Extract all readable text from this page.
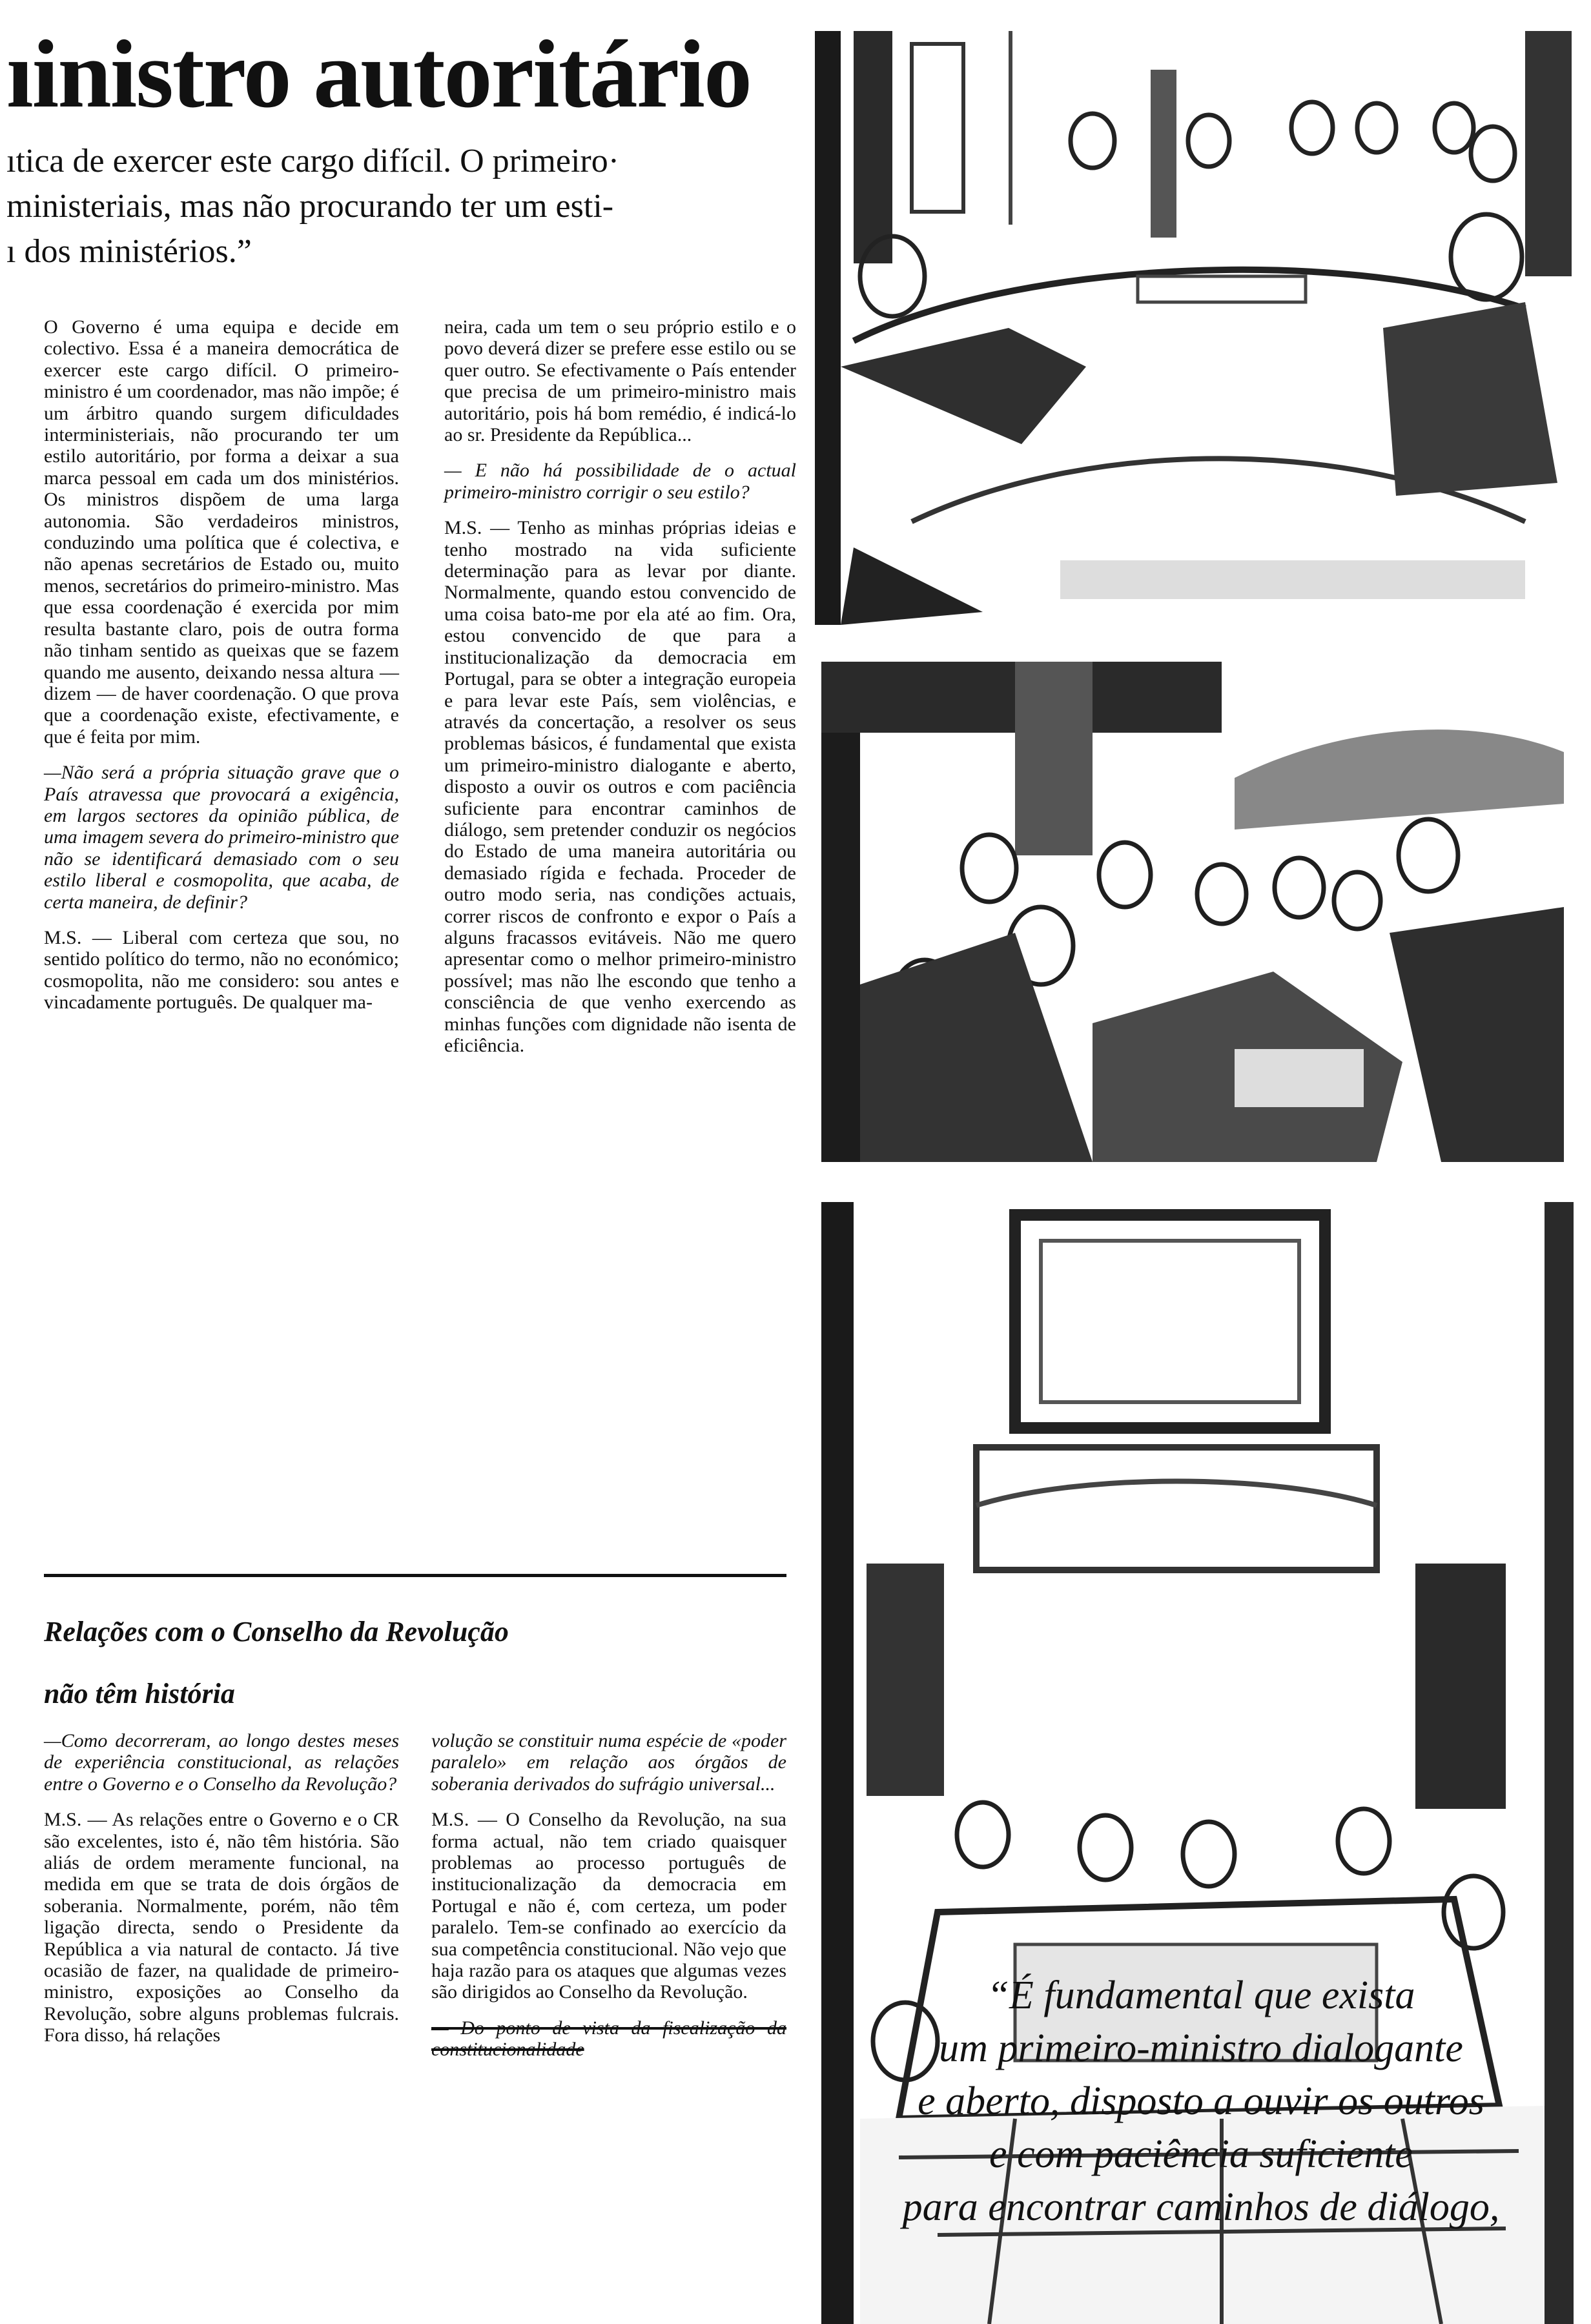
ıinistro autoritário
ıtica de exercer este cargo difícil. O primeiro·
ministeriais, mas não procurando ter um esti-
ı dos ministérios.”

O Governo é uma equipa e decide em colectivo. Essa é a maneira democrática de exercer este cargo difícil. O primeiro-ministro é um coordenador, mas não impõe; é um árbitro quando surgem dificuldades interministeriais, não procurando ter um estilo autoritário, por forma a deixar a sua marca pessoal em cada um dos ministérios. Os ministros dispõem de uma larga autonomia. São verdadeiros ministros, conduzindo uma política que é colectiva, e não apenas secretários de Estado ou, muito menos, secretários do primeiro-ministro. Mas que essa coordenação é exercida por mim resulta bastante claro, pois de outra forma não tinham sentido as queixas que se fazem quando me ausento, deixando nessa altura — dizem — de haver coordenação. O que prova que a coordenação existe, efectivamente, e que é feita por mim.

—Não será a própria situação grave que o País atravessa que provocará a exigência, em largos sectores da opinião pública, de uma imagem severa do primeiro-ministro que não se identificará demasiado com o seu estilo liberal e cosmopolita, que acaba, de certa maneira, de definir?

M.S. — Liberal com certeza que sou, no sentido político do termo, não no económico; cosmopolita, não me considero: sou antes e vincadamente português. De qualquer ma-

neira, cada um tem o seu próprio estilo e o povo deverá dizer se prefere esse estilo ou se quer outro. Se efectivamente o País entender que precisa de um primeiro-ministro mais autoritário, pois há bom remédio, é indicá-lo ao sr. Presidente da República...

— E não há possibilidade de o actual primeiro-ministro corrigir o seu estilo?

M.S. — Tenho as minhas próprias ideias e tenho mostrado na vida suficiente determinação para as levar por diante. Normalmente, quando estou convencido de uma coisa bato-me por ela até ao fim. Ora, estou convencido de que para a institucionalização da democracia em Portugal, para se obter a integração europeia e para levar este País, sem violências, e através da concertação, a resolver os seus problemas básicos, é fundamental que exista um primeiro-ministro dialogante e aberto, disposto a ouvir os outros e com paciência suficiente para encontrar caminhos de diálogo, sem pretender conduzir os negócios do Estado de uma maneira autoritária ou demasiado rígida e fechada. Proceder de outro modo seria, nas condições actuais, correr riscos de confronto e expor o País a alguns fracassos evitáveis. Não me quero apresentar como o melhor primeiro-ministro possível; mas não lhe escondo que tenho a consciência de que venho exercendo as minhas funções com dignidade não isenta de eficiência.

Relações com o Conselho da Revolução
não têm história

—Como decorreram, ao longo destes meses de experiência constitucional, as relações entre o Governo e o Conselho da Revolução?

M.S. — As relações entre o Governo e o CR são excelentes, isto é, não têm história. São aliás de ordem meramente funcional, na medida em que se trata de dois órgãos de soberania. Normalmente, porém, não têm ligação directa, sendo o Presidente da República a via natural de contacto. Já tive ocasião de fazer, na qualidade de primeiro-ministro, exposições ao Conselho da Revolução, sobre alguns problemas fulcrais. Fora disso, há relações

volução se constituir numa espécie de «poder paralelo» em relação aos órgãos de soberania derivados do sufrágio universal...

M.S. — O Conselho da Revolução, na sua forma actual, não tem criado quaisquer problemas ao processo português de institucionalização da democracia em Portugal e não é, com certeza, um poder paralelo. Tem-se confinado ao exercício da sua competência constitucional. Não vejo que haja razão para os ataques que algumas vezes são dirigidos ao Conselho da Revolução.

— Do ponto de vista da fiscalização da constitucionalidade

“É fundamental que exista
um primeiro-ministro dialogante
e aberto, disposto a ouvir os outros
e com paciência suficiente
para encontrar caminhos de diálogo,
